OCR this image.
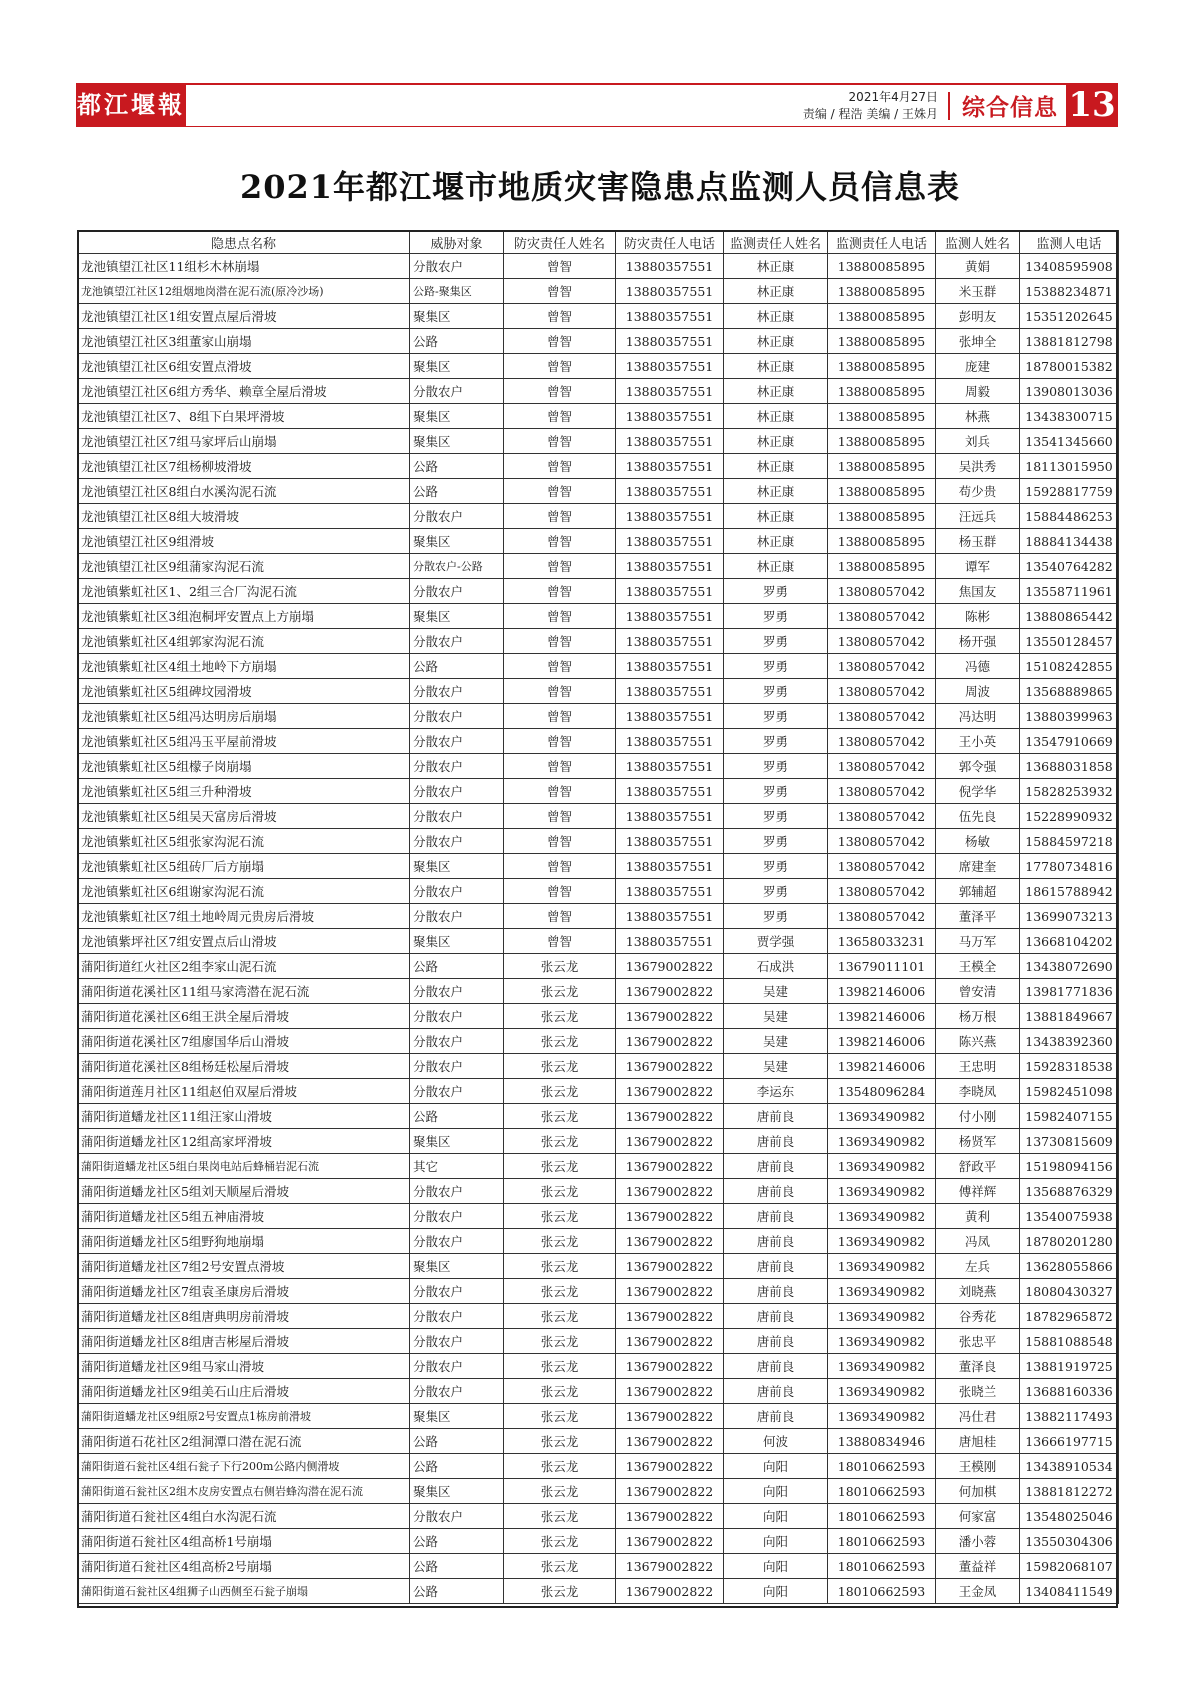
都江堰報	2021年4月27日
责编 / 程浩 美编 / 王姝月 综合信息 13
2021年都江堰市地质灾害隐患点监测人员信息表
隐患点名称	威胁对象	防灾责任人姓名	防灾责任人电话	监测责任人姓名	监测责任人电话	监测人姓名	监测人电话
龙池镇望江社区11组杉木林崩塌	分散农户	曾智	13880357551	林正康	13880085895	黄娟	13408595908
龙池镇望江社区12组烟地岗潜在泥石流(原冷沙场)	公路-聚集区	曾智	13880357551	林正康	13880085895	米玉群	15388234871
龙池镇望江社区1组安置点屋后滑坡	聚集区	曾智	13880357551	林正康	13880085895	彭明友	15351202645
龙池镇望江社区3组董家山崩塌	公路	曾智	13880357551	林正康	13880085895	张坤全	13881812798
龙池镇望江社区6组安置点滑坡	聚集区	曾智	13880357551	林正康	13880085895	庞建	18780015382
龙池镇望江社区6组方秀华、赖章全屋后滑坡	分散农户	曾智	13880357551	林正康	13880085895	周毅	13908013036
龙池镇望江社区7、8组下白果坪滑坡	聚集区	曾智	13880357551	林正康	13880085895	林燕	13438300715
龙池镇望江社区7组马家坪后山崩塌	聚集区	曾智	13880357551	林正康	13880085895	刘兵	13541345660
龙池镇望江社区7组杨柳坡滑坡	公路	曾智	13880357551	林正康	13880085895	吴洪秀	18113015950
龙池镇望江社区8组白水溪沟泥石流	公路	曾智	13880357551	林正康	13880085895	苟少贵	15928817759
龙池镇望江社区8组大坡滑坡	分散农户	曾智	13880357551	林正康	13880085895	汪远兵	15884486253
龙池镇望江社区9组滑坡	聚集区	曾智	13880357551	林正康	13880085895	杨玉群	18884134438
龙池镇望江社区9组蒲家沟泥石流	分散农户-公路	曾智	13880357551	林正康	13880085895	谭军	13540764282
龙池镇紫虹社区1、2组三合厂沟泥石流	分散农户	曾智	13880357551	罗勇	13808057042	焦国友	13558711961
龙池镇紫虹社区3组泡桐坪安置点上方崩塌	聚集区	曾智	13880357551	罗勇	13808057042	陈彬	13880865442
龙池镇紫虹社区4组郭家沟泥石流	分散农户	曾智	13880357551	罗勇	13808057042	杨开强	13550128457
龙池镇紫虹社区4组土地岭下方崩塌	公路	曾智	13880357551	罗勇	13808057042	冯德	15108242855
龙池镇紫虹社区5组碑坟园滑坡	分散农户	曾智	13880357551	罗勇	13808057042	周波	13568889865
龙池镇紫虹社区5组冯达明房后崩塌	分散农户	曾智	13880357551	罗勇	13808057042	冯达明	13880399963
龙池镇紫虹社区5组冯玉平屋前滑坡	分散农户	曾智	13880357551	罗勇	13808057042	王小英	13547910669
龙池镇紫虹社区5组檬子岗崩塌	分散农户	曾智	13880357551	罗勇	13808057042	郭令强	13688031858
龙池镇紫虹社区5组三升种滑坡	分散农户	曾智	13880357551	罗勇	13808057042	倪学华	15828253932
龙池镇紫虹社区5组吴天富房后滑坡	分散农户	曾智	13880357551	罗勇	13808057042	伍先良	15228990932
龙池镇紫虹社区5组张家沟泥石流	分散农户	曾智	13880357551	罗勇	13808057042	杨敏	15884597218
龙池镇紫虹社区5组砖厂后方崩塌	聚集区	曾智	13880357551	罗勇	13808057042	席建奎	17780734816
龙池镇紫虹社区6组谢家沟泥石流	分散农户	曾智	13880357551	罗勇	13808057042	郭辅超	18615788942
龙池镇紫虹社区7组土地岭周元贵房后滑坡	分散农户	曾智	13880357551	罗勇	13808057042	董泽平	13699073213
龙池镇紫坪社区7组安置点后山滑坡	聚集区	曾智	13880357551	贾学强	13658033231	马万军	13668104202
蒲阳街道红火社区2组李家山泥石流	公路	张云龙	13679002822	石成洪	13679011101	王模全	13438072690
蒲阳街道花溪社区11组马家湾潜在泥石流	分散农户	张云龙	13679002822	吴建	13982146006	曾安清	13981771836
蒲阳街道花溪社区6组王洪全屋后滑坡	分散农户	张云龙	13679002822	吴建	13982146006	杨万根	13881849667
蒲阳街道花溪社区7组廖国华后山滑坡	分散农户	张云龙	13679002822	吴建	13982146006	陈兴燕	13438392360
蒲阳街道花溪社区8组杨廷松屋后滑坡	分散农户	张云龙	13679002822	吴建	13982146006	王忠明	15928318538
蒲阳街道莲月社区11组赵伯双屋后滑坡	分散农户	张云龙	13679002822	李运东	13548096284	李晓凤	15982451098
蒲阳街道蟠龙社区11组汪家山滑坡	公路	张云龙	13679002822	唐前良	13693490982	付小刚	15982407155
蒲阳街道蟠龙社区12组高家坪滑坡	聚集区	张云龙	13679002822	唐前良	13693490982	杨贤军	13730815609
蒲阳街道蟠龙社区5组白果岗电站后蜂桶岩泥石流	其它	张云龙	13679002822	唐前良	13693490982	舒政平	15198094156
蒲阳街道蟠龙社区5组刘天顺屋后滑坡	分散农户	张云龙	13679002822	唐前良	13693490982	傅祥辉	13568876329
蒲阳街道蟠龙社区5组五神庙滑坡	分散农户	张云龙	13679002822	唐前良	13693490982	黄利	13540075938
蒲阳街道蟠龙社区5组野狗地崩塌	分散农户	张云龙	13679002822	唐前良	13693490982	冯凤	18780201280
蒲阳街道蟠龙社区7组2号安置点滑坡	聚集区	张云龙	13679002822	唐前良	13693490982	左兵	13628055866
蒲阳街道蟠龙社区7组袁圣康房后滑坡	分散农户	张云龙	13679002822	唐前良	13693490982	刘晓燕	18080430327
蒲阳街道蟠龙社区8组唐典明房前滑坡	分散农户	张云龙	13679002822	唐前良	13693490982	谷秀花	18782965872
蒲阳街道蟠龙社区8组唐吉彬屋后滑坡	分散农户	张云龙	13679002822	唐前良	13693490982	张忠平	15881088548
蒲阳街道蟠龙社区9组马家山滑坡	分散农户	张云龙	13679002822	唐前良	13693490982	董泽良	13881919725
蒲阳街道蟠龙社区9组美石山庄后滑坡	分散农户	张云龙	13679002822	唐前良	13693490982	张晓兰	13688160336
蒲阳街道蟠龙社区9组原2号安置点1栋房前滑坡	聚集区	张云龙	13679002822	唐前良	13693490982	冯仕君	13882117493
蒲阳街道石花社区2组洞潭口潜在泥石流	公路	张云龙	13679002822	何波	13880834946	唐旭桂	13666197715
蒲阳街道石瓮社区4组石瓮子下行200m公路内侧滑坡	公路	张云龙	13679002822	向阳	18010662593	王模刚	13438910534
蒲阳街道石瓮社区2组木皮房安置点右侧岩蜂沟潜在泥石流	聚集区	张云龙	13679002822	向阳	18010662593	何加棋	13881812272
蒲阳街道石瓮社区4组白水沟泥石流	分散农户	张云龙	13679002822	向阳	18010662593	何家富	13548025046
蒲阳街道石瓮社区4组高桥1号崩塌	公路	张云龙	13679002822	向阳	18010662593	潘小蓉	13550304306
蒲阳街道石瓮社区4组高桥2号崩塌	公路	张云龙	13679002822	向阳	18010662593	董益祥	15982068107
蒲阳街道石瓮社区4组狮子山西侧至石瓮子崩塌	公路	张云龙	13679002822	向阳	18010662593	王金凤	13408411549
